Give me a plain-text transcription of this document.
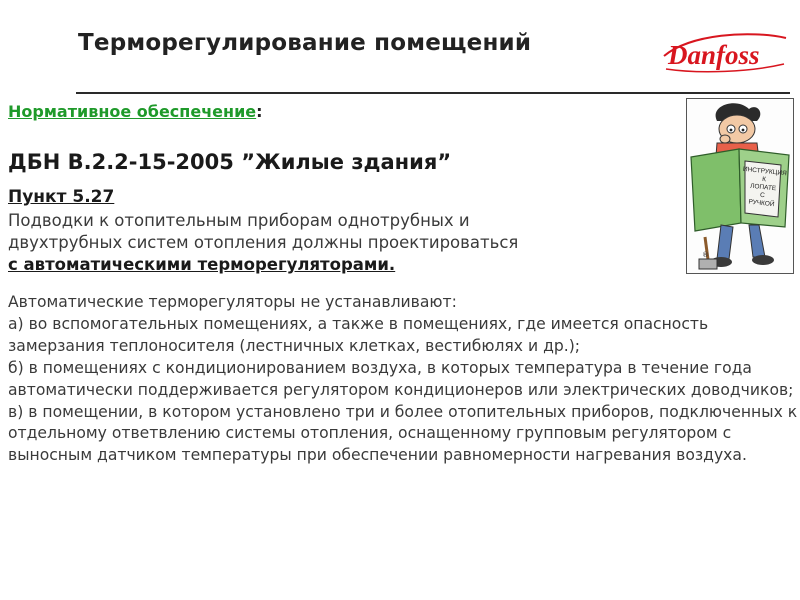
Терморегулирование помещений	Danfoss
Нормативное обеспечение:
ДБН В.2.2-15-2005 ”Жилые здания”
Пункт 5.27
Подводки к отопительным приборам однотрубных и
двухтрубных систем отопления должны проектироваться
с автоматическими терморегуляторами.
Автоматические терморегуляторы не устанавливают:
а) во вспомогательных помещениях, а также в помещениях, где имеется опасность замерзания теплоносителя (лестничных клетках, вестибюлях и др.);
б) в помещениях с кондиционированием воздуха, в которых температура в течение года автоматически поддерживается регулятором кондиционеров или электрических доводчиков;
в) в помещении, в котором установлено три и более отопительных приборов, подключенных к отдельному ответвлению системы отопления, оснащенному групповым регулятором с выносным датчиком температуры при обеспечении равномерности нагревания воздуха.
ИНСТРУКЦИЯ
К
ЛОПАТЕ
С
РУЧКОЙ
®
